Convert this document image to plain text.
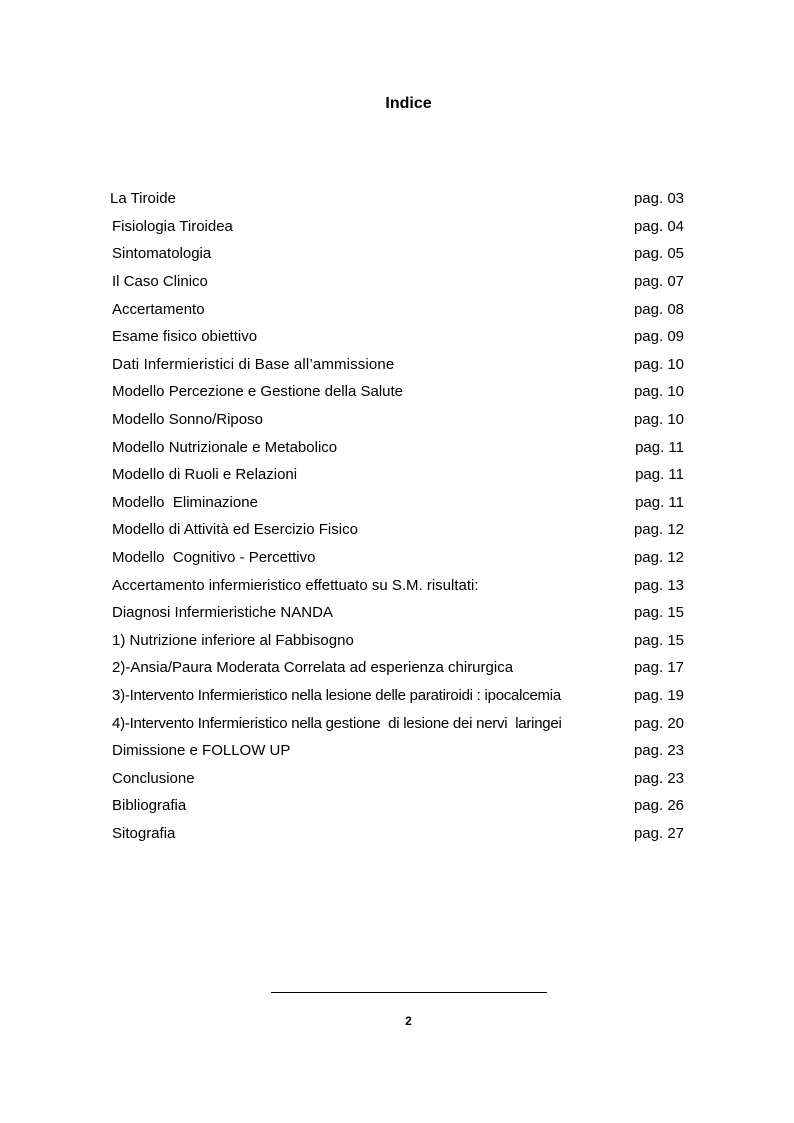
Indice
La Tiroide	pag. 03
Fisiologia Tiroidea	pag. 04
Sintomatologia	pag. 05
Il Caso Clinico	pag. 07
Accertamento	pag. 08
Esame fisico obiettivo	pag. 09
Dati Infermieristici di Base all’ammissione	pag. 10
Modello Percezione e Gestione della Salute	pag. 10
Modello Sonno/Riposo	pag. 10
Modello Nutrizionale e Metabolico	pag. 11
Modello di Ruoli e Relazioni	pag. 11
Modello  Eliminazione	pag. 11
Modello di Attività ed Esercizio Fisico	pag. 12
Modello  Cognitivo - Percettivo	pag. 12
Accertamento infermieristico effettuato su S.M. risultati:	pag. 13
Diagnosi Infermieristiche NANDA	pag. 15
1) Nutrizione inferiore al Fabbisogno	pag. 15
2)-Ansia/Paura Moderata Correlata ad esperienza chirurgica	pag. 17
3)-Intervento Infermieristico nella lesione delle paratiroidi : ipocalcemia	pag. 19
4)-Intervento Infermieristico nella gestione  di lesione dei nervi  laringei	pag. 20
Dimissione e FOLLOW UP	pag. 23
Conclusione	pag. 23
Bibliografia	pag. 26
Sitografia	pag. 27
2
